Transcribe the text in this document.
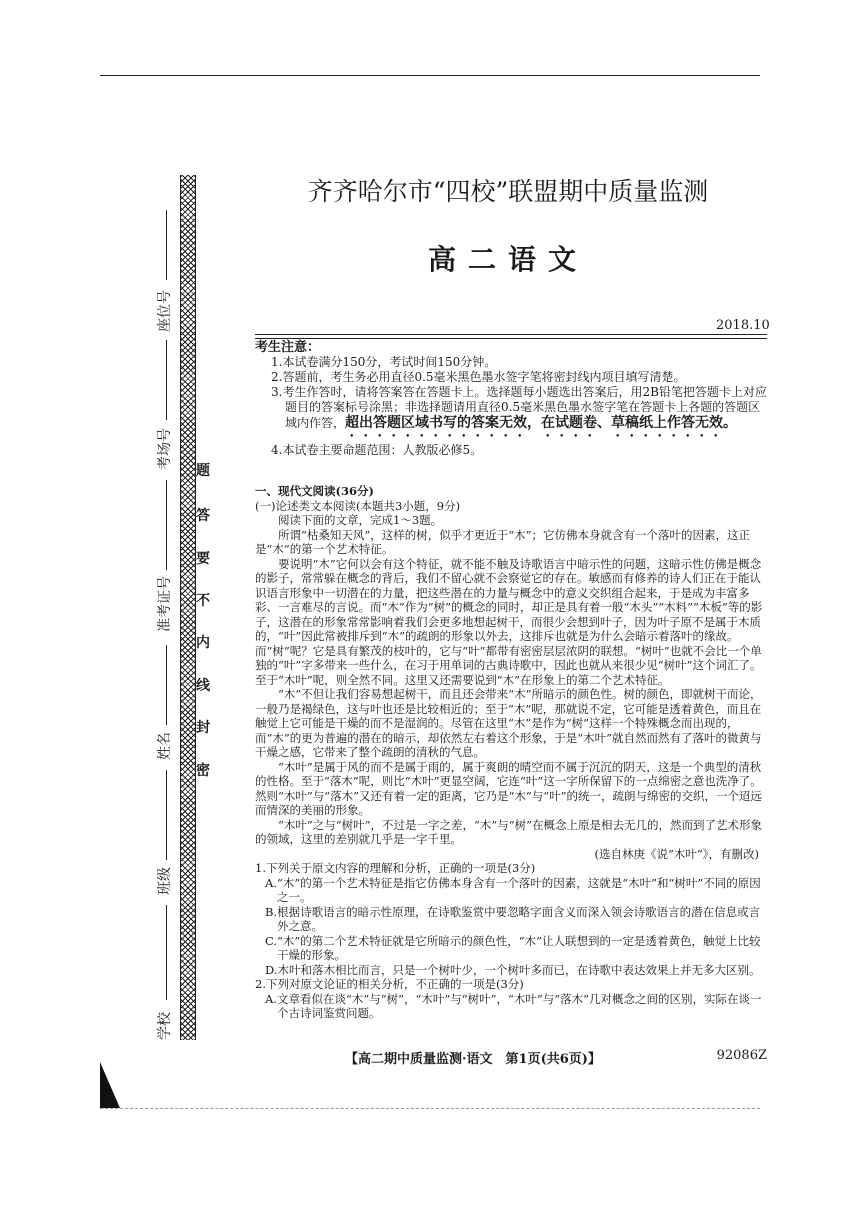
座位号
考场号
准考证号
姓名
班级
学校
题
答
要
不
内
线
封
密
齐齐哈尔市“四校”联盟期中质量监测
高二语文
2018.10
考生注意：
1.本试卷满分150分，考试时间150分钟。
2.答题前，考生务必用直径0.5毫米黑色墨水签字笔将密封线内项目填写清楚。
3.考生作答时，请将答案答在答题卡上。选择题每小题选出答案后，用2B铅笔把答题卡上对应题目的答案标号涂黑；非选择题请用直径0.5毫米黑色墨水签字笔在答题卡上各题的答题区域内作答，超出答题区域书写的答案无效，在试题卷、草稿纸上作答无效。
4.本试卷主要命题范围：人教版必修5。
一、现代文阅读(36分)
(一)论述类文本阅读(本题共3小题，9分)

阅读下面的文章，完成1～3题。

所谓“枯桑知天风”，这样的树，似乎才更近于“木”；它仿佛本身就含有一个落叶的因素，这正是“木”的第一个艺术特征。

要说明“木”它何以会有这个特征，就不能不触及诗歌语言中暗示性的问题，这暗示性仿佛是概念的影子，常常躲在概念的背后，我们不留心就不会察觉它的存在。敏感而有修养的诗人们正在于能认识语言形象中一切潜在的力量，把这些潜在的力量与概念中的意义交织组合起来，于是成为丰富多彩、一言难尽的言说。而“木”作为“树”的概念的同时，却正是具有着一般“木头”“木料”“木板”等的影子，这潜在的形象常常影响着我们会更多地想起树干，而很少会想到叶子，因为叶子原不是属于木质的，“叶”因此常被排斥到“木”的疏朗的形象以外去，这排斥也就是为什么会暗示着落叶的缘故。而“树”呢？它是具有繁茂的枝叶的，它与“叶”都带有密密层层浓阴的联想。“树叶”也就不会比一个单独的“叶”字多带来一些什么，在习于用单词的古典诗歌中，因此也就从来很少见“树叶”这个词汇了。至于“木叶”呢，则全然不同。这里又还需要说到“木”在形象上的第二个艺术特征。

“木”不但让我们容易想起树干，而且还会带来“木”所暗示的颜色性。树的颜色，即就树干而论，一般乃是褐绿色，这与叶也还是比较相近的；至于“木”呢，那就说不定，它可能是透着黄色，而且在触觉上它可能是干燥的而不是湿润的。尽管在这里“木”是作为“树”这样一个特殊概念而出现的，而“木”的更为普遍的潜在的暗示，却依然左右着这个形象，于是“木叶”就自然而然有了落叶的微黄与干燥之感，它带来了整个疏朗的清秋的气息。

“木叶”是属于风的而不是属于雨的，属于爽朗的晴空而不属于沉沉的阴天，这是一个典型的清秋的性格。至于“落木”呢，则比“木叶”更显空阔，它连“叶”这一字所保留下的一点绵密之意也洗净了。然则“木叶”与“落木”又还有着一定的距离，它乃是“木”与“叶”的统一，疏朗与绵密的交织，一个迢远而情深的美丽的形象。

“木叶”之与“树叶”，不过是一字之差，“木”与“树”在概念上原是相去无几的，然而到了艺术形象的领域，这里的差别就几乎是一字千里。

(选自林庚《说“木叶”》，有删改)

1.下列关于原文内容的理解和分析，正确的一项是(3分)

A.“木”的第一个艺术特征是指它仿佛本身含有一个落叶的因素，这就是“木叶”和“树叶”不同的原因之一。

B.根据诗歌语言的暗示性原理，在诗歌鉴赏中要忽略字面含义而深入领会诗歌语言的潜在信息或言外之意。

C.“木”的第二个艺术特征就是它所暗示的颜色性，“木”让人联想到的一定是透着黄色，触觉上比较干燥的形象。

D.木叶和落木相比而言，只是一个树叶少，一个树叶多而已，在诗歌中表达效果上并无多大区别。

2.下列对原文论证的相关分析，不正确的一项是(3分)

A.文章看似在谈“木”与“树”，“木叶”与“树叶”，“木叶”与“落木”几对概念之间的区别，实际在谈一个古诗词鉴赏问题。

【高二期中质量监测·语文　第1页(共6页)】	92086Z
